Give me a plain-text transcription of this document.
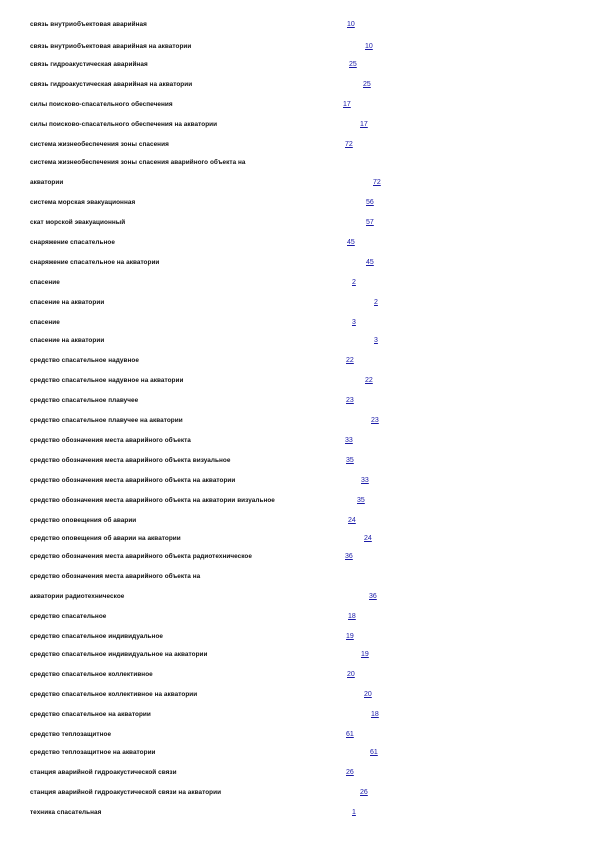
связь внутриобъектовая аварийная	10
связь внутриобъектовая аварийная на акватории	10
связь гидроакустическая аварийная	25
связь гидроакустическая аварийная на акватории	25
силы поисково-спасательного обеспечения	17
силы поисково-спасательного обеспечения на акватории	17
система жизнеобеспечения зоны спасения	72
система жизнеобеспечения зоны спасения аварийного объекта на
акватории	72
система морская эвакуационная	56
скат морской эвакуационный	57
снаряжение спасательное	45
снаряжение спасательное на акватории	45
спасение	2
спасение на акватории	2
спасение	3
спасение на акватории	3
средство спасательное надувное	22
средство спасательное надувное на акватории	22
средство спасательное плавучее	23
средство спасательное плавучее на акватории	23
средство обозначения места аварийного объекта	33
средство обозначения места аварийного объекта визуальное	35
средство обозначения места аварийного объекта на акватории	33
средство обозначения места аварийного объекта на акватории визуальное	35
средство оповещения об аварии	24
средство оповещения об аварии на акватории	24
средство обозначения места аварийного объекта радиотехническое	36
средство обозначения места аварийного объекта на
акватории радиотехническое	36
средство спасательное	18
средство спасательное индивидуальное	19
средство спасательное индивидуальное на акватории	19
средство спасательное коллективное	20
средство спасательное коллективное на акватории	20
средство спасательное на акватории	18
средство теплозащитное	61
средство теплозащитное на акватории	61
станция аварийной гидроакустической связи	26
станция аварийной гидроакустической связи на акватории	26
техника спасательная	1
